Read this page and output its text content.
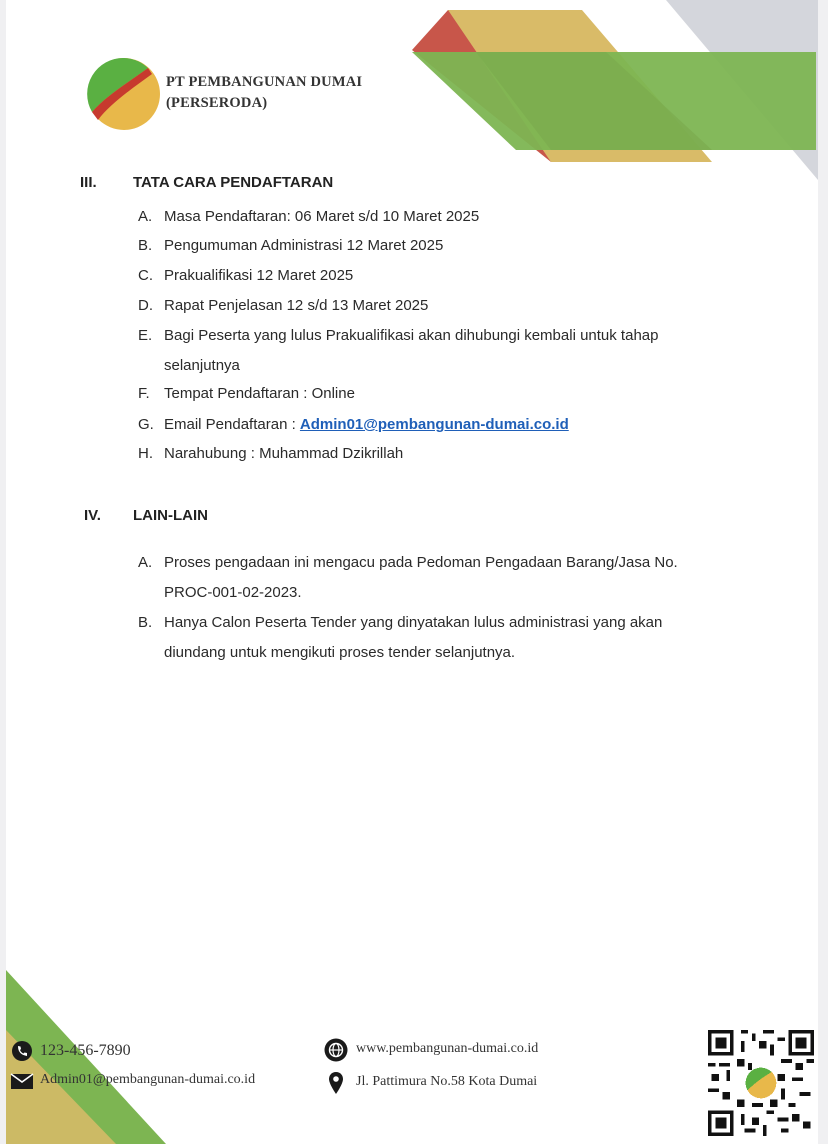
PT PEMBANGUNAN DUMAI
(PERSERODA)
III. TATA CARA PENDAFTARAN
A. Masa Pendaftaran: 06 Maret s/d 10 Maret 2025
B. Pengumuman Administrasi 12 Maret 2025
C. Prakualifikasi 12 Maret 2025
D. Rapat Penjelasan 12 s/d 13 Maret 2025
E. Bagi Peserta yang lulus Prakualifikasi akan dihubungi kembali untuk tahap
selanjutnya
F. Tempat Pendaftaran : Online
G. Email Pendaftaran : Admin01@pembangunan-dumai.co.id
H. Narahubung : Muhammad Dzikrillah
IV. LAIN-LAIN
A. Proses pengadaan ini mengacu pada Pedoman Pengadaan Barang/Jasa No.
PROC-001-02-2023.
B. Hanya Calon Peserta Tender yang dinyatakan lulus administrasi yang akan
diundang untuk mengikuti proses tender selanjutnya.
123-456-7890
Admin01@pembangunan-dumai.co.id
www.pembangunan-dumai.co.id
Jl. Pattimura No.58 Kota Dumai
